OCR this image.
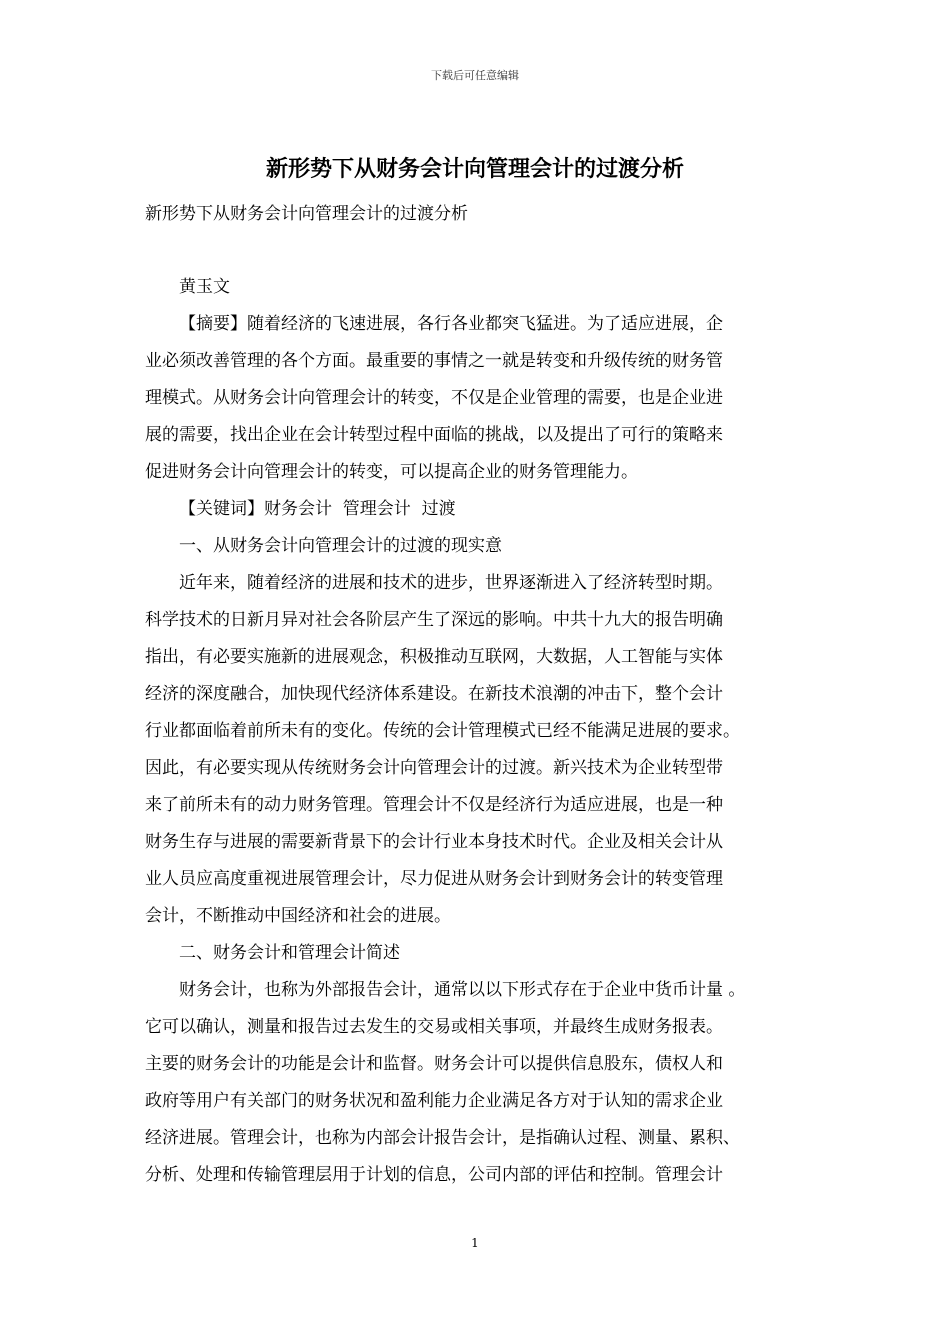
下载后可任意编辑
新形势下从财务会计向管理会计的过渡分析
新形势下从财务会计向管理会计的过渡分析
黄玉文
【摘要】随着经济的飞速进展，各行各业都突飞猛进。为了适应进展，企
业必须改善管理的各个方面。最重要的事情之一就是转变和升级传统的财务管
理模式。从财务会计向管理会计的转变，不仅是企业管理的需要，也是企业进
展的需要，找出企业在会计转型过程中面临的挑战，以及提出了可行的策略来
促进财务会计向管理会计的转变，可以提高企业的财务管理能力。
【关键词】财务会计  管理会计  过渡
一、从财务会计向管理会计的过渡的现实意
近年来，随着经济的进展和技术的进步，世界逐渐进入了经济转型时期。
科学技术的日新月异对社会各阶层产生了深远的影响。中共十九大的报告明确
指出，有必要实施新的进展观念，积极推动互联网，大数据，人工智能与实体
经济的深度融合，加快现代经济体系建设。在新技术浪潮的冲击下，整个会计
行业都面临着前所未有的变化。传统的会计管理模式已经不能满足进展的要求。
因此，有必要实现从传统财务会计向管理会计的过渡。新兴技术为企业转型带
来了前所未有的动力财务管理。管理会计不仅是经济行为适应进展，也是一种
财务生存与进展的需要新背景下的会计行业本身技术时代。企业及相关会计从
业人员应高度重视进展管理会计，尽力促进从财务会计到财务会计的转变管理
会计，不断推动中国经济和社会的进展。
二、财务会计和管理会计简述
财务会计，也称为外部报告会计，通常以以下形式存在于企业中货币计量 。
它可以确认，测量和报告过去发生的交易或相关事项，并最终生成财务报表。
主要的财务会计的功能是会计和监督。财务会计可以提供信息股东，债权人和
政府等用户有关部门的财务状况和盈利能力企业满足各方对于认知的需求企业
经济进展。管理会计，也称为内部会计报告会计，是指确认过程、测量、累积、
分析、处理和传输管理层用于计划的信息，公司内部的评估和控制。管理会计
1
